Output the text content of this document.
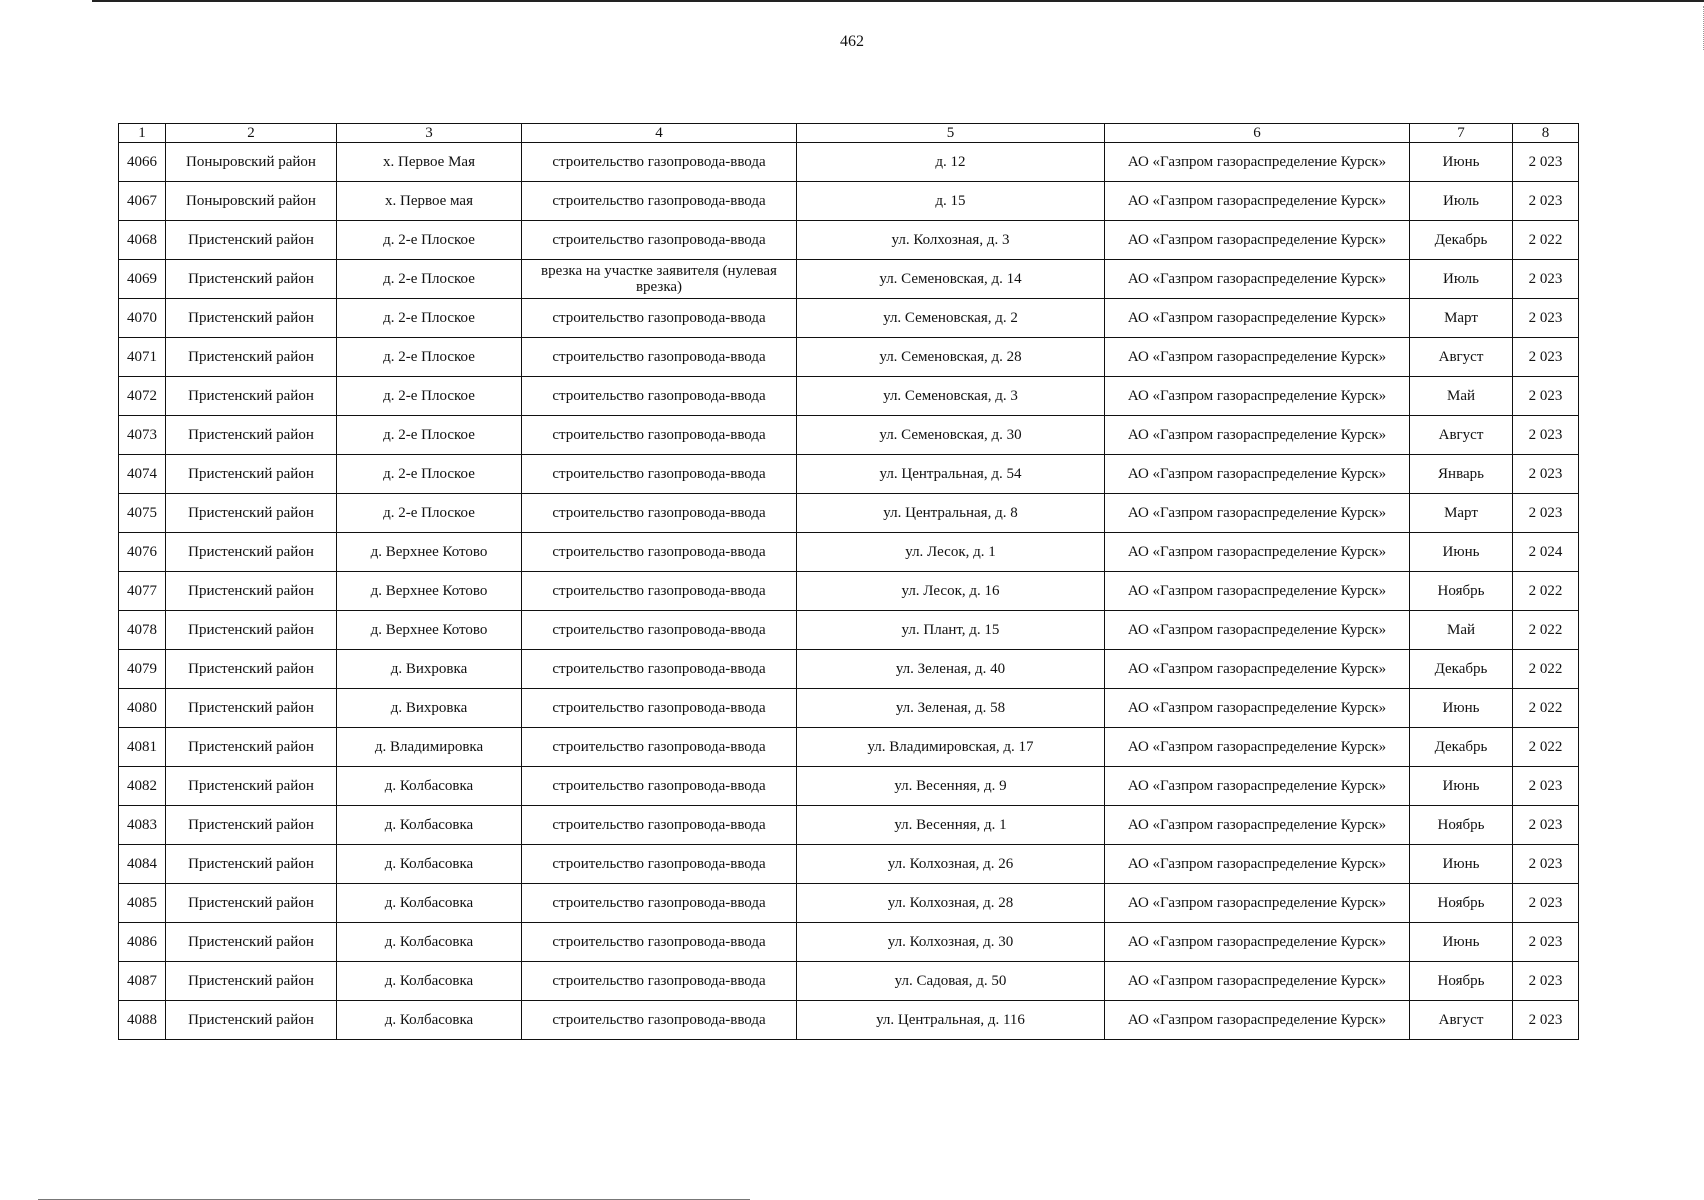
462
1	2	3	4	5	6	7	8
4066	Поныровский район	х. Первое Мая	строительство газопровода-ввода	д. 12	АО «Газпром газораспределение Курск»	Июнь	2 023
4067	Поныровский район	х. Первое мая	строительство газопровода-ввода	д. 15	АО «Газпром газораспределение Курск»	Июль	2 023
4068	Пристенский район	д. 2-е Плоское	строительство газопровода-ввода	ул. Колхозная, д. 3	АО «Газпром газораспределение Курск»	Декабрь	2 022
4069	Пристенский район	д. 2-е Плоское	врезка на участке заявителя (нулевая врезка)	ул. Семеновская, д. 14	АО «Газпром газораспределение Курск»	Июль	2 023
4070	Пристенский район	д. 2-е Плоское	строительство газопровода-ввода	ул. Семеновская, д. 2	АО «Газпром газораспределение Курск»	Март	2 023
4071	Пристенский район	д. 2-е Плоское	строительство газопровода-ввода	ул. Семеновская, д. 28	АО «Газпром газораспределение Курск»	Август	2 023
4072	Пристенский район	д. 2-е Плоское	строительство газопровода-ввода	ул. Семеновская, д. 3	АО «Газпром газораспределение Курск»	Май	2 023
4073	Пристенский район	д. 2-е Плоское	строительство газопровода-ввода	ул. Семеновская, д. 30	АО «Газпром газораспределение Курск»	Август	2 023
4074	Пристенский район	д. 2-е Плоское	строительство газопровода-ввода	ул. Центральная, д. 54	АО «Газпром газораспределение Курск»	Январь	2 023
4075	Пристенский район	д. 2-е Плоское	строительство газопровода-ввода	ул. Центральная, д. 8	АО «Газпром газораспределение Курск»	Март	2 023
4076	Пристенский район	д. Верхнее Котово	строительство газопровода-ввода	ул. Лесок, д. 1	АО «Газпром газораспределение Курск»	Июнь	2 024
4077	Пристенский район	д. Верхнее Котово	строительство газопровода-ввода	ул. Лесок, д. 16	АО «Газпром газораспределение Курск»	Ноябрь	2 022
4078	Пристенский район	д. Верхнее Котово	строительство газопровода-ввода	ул. Плант, д. 15	АО «Газпром газораспределение Курск»	Май	2 022
4079	Пристенский район	д. Вихровка	строительство газопровода-ввода	ул. Зеленая, д. 40	АО «Газпром газораспределение Курск»	Декабрь	2 022
4080	Пристенский район	д. Вихровка	строительство газопровода-ввода	ул. Зеленая, д. 58	АО «Газпром газораспределение Курск»	Июнь	2 022
4081	Пристенский район	д. Владимировка	строительство газопровода-ввода	ул. Владимировская, д. 17	АО «Газпром газораспределение Курск»	Декабрь	2 022
4082	Пристенский район	д. Колбасовка	строительство газопровода-ввода	ул. Весенняя, д. 9	АО «Газпром газораспределение Курск»	Июнь	2 023
4083	Пристенский район	д. Колбасовка	строительство газопровода-ввода	ул. Весенняя, д. 1	АО «Газпром газораспределение Курск»	Ноябрь	2 023
4084	Пристенский район	д. Колбасовка	строительство газопровода-ввода	ул. Колхозная, д. 26	АО «Газпром газораспределение Курск»	Июнь	2 023
4085	Пристенский район	д. Колбасовка	строительство газопровода-ввода	ул. Колхозная, д. 28	АО «Газпром газораспределение Курск»	Ноябрь	2 023
4086	Пристенский район	д. Колбасовка	строительство газопровода-ввода	ул. Колхозная, д. 30	АО «Газпром газораспределение Курск»	Июнь	2 023
4087	Пристенский район	д. Колбасовка	строительство газопровода-ввода	ул. Садовая, д. 50	АО «Газпром газораспределение Курск»	Ноябрь	2 023
4088	Пристенский район	д. Колбасовка	строительство газопровода-ввода	ул. Центральная, д. 116	АО «Газпром газораспределение Курск»	Август	2 023
